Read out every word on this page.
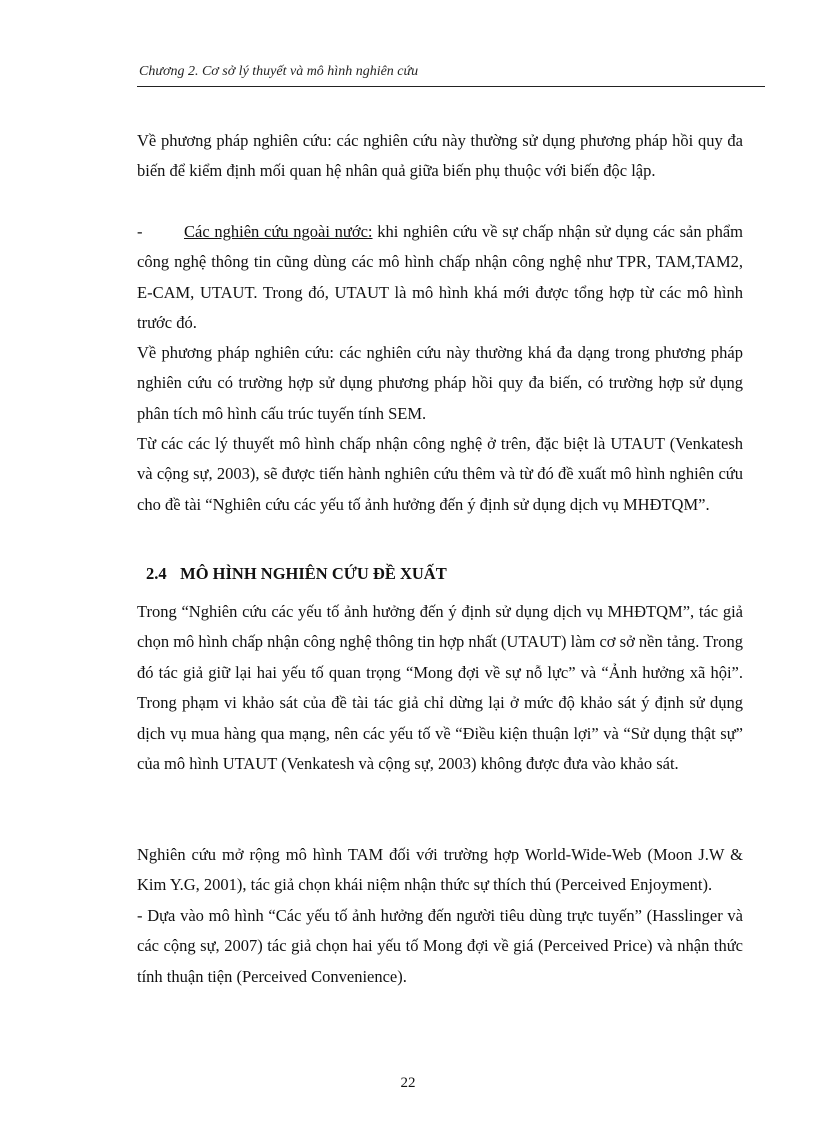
Chương 2. Cơ sở lý thuyết và mô hình nghiên cứu

Về phương pháp nghiên cứu: các nghiên cứu này thường sử dụng phương pháp hồi quy đa biến để kiểm định mối quan hệ nhân quả giữa biến phụ thuộc với biến độc lập.

-	Các nghiên cứu ngoài nước: khi nghiên cứu về sự chấp nhận sử dụng các sản phẩm công nghệ thông tin cũng dùng các mô hình chấp nhận công nghệ như TPR, TAM,TAM2, E-CAM, UTAUT. Trong đó, UTAUT là mô hình khá mới được tổng hợp từ các mô hình trước đó.

Về phương pháp nghiên cứu: các nghiên cứu này thường khá đa dạng trong phương pháp nghiên cứu có trường hợp sử dụng phương pháp hồi quy đa biến, có trường hợp sử dụng phân tích mô hình cấu trúc tuyến tính SEM.

Từ các các lý thuyết mô hình chấp nhận công nghệ ở trên, đặc biệt là UTAUT (Venkatesh và cộng sự, 2003), sẽ được tiến hành nghiên cứu thêm và từ đó đề xuất mô hình nghiên cứu cho đề tài “Nghiên cứu các yếu tố ảnh hưởng đến ý định sử dụng dịch vụ MHĐTQM”.

2.4 MÔ HÌNH NGHIÊN CỨU ĐỀ XUẤT

Trong “Nghiên cứu các yếu tố ảnh hưởng đến ý định sử dụng dịch vụ MHĐTQM”, tác giả chọn mô hình chấp nhận công nghệ thông tin hợp nhất (UTAUT) làm cơ sở nền tảng. Trong đó tác giả giữ lại hai yếu tố quan trọng “Mong đợi về sự nỗ lực” và “Ảnh hưởng xã hội”. Trong phạm vi khảo sát của đề tài tác giả chỉ dừng lại ở mức độ khảo sát ý định sử dụng dịch vụ mua hàng qua mạng, nên các yếu tố về “Điều kiện thuận lợi” và “Sử dụng thật sự” của mô hình UTAUT (Venkatesh và cộng sự, 2003) không được đưa vào khảo sát.

Nghiên cứu mở rộng mô hình TAM đối với trường hợp World-Wide-Web (Moon J.W & Kim Y.G, 2001), tác giả chọn khái niệm nhận thức sự thích thú (Perceived Enjoyment).

- Dựa vào mô hình “Các yếu tố ảnh hưởng đến người tiêu dùng trực tuyến” (Hasslinger và các cộng sự, 2007) tác giả chọn hai yếu tố Mong đợi về giá (Perceived Price) và nhận thức tính thuận tiện (Perceived Convenience).

22
